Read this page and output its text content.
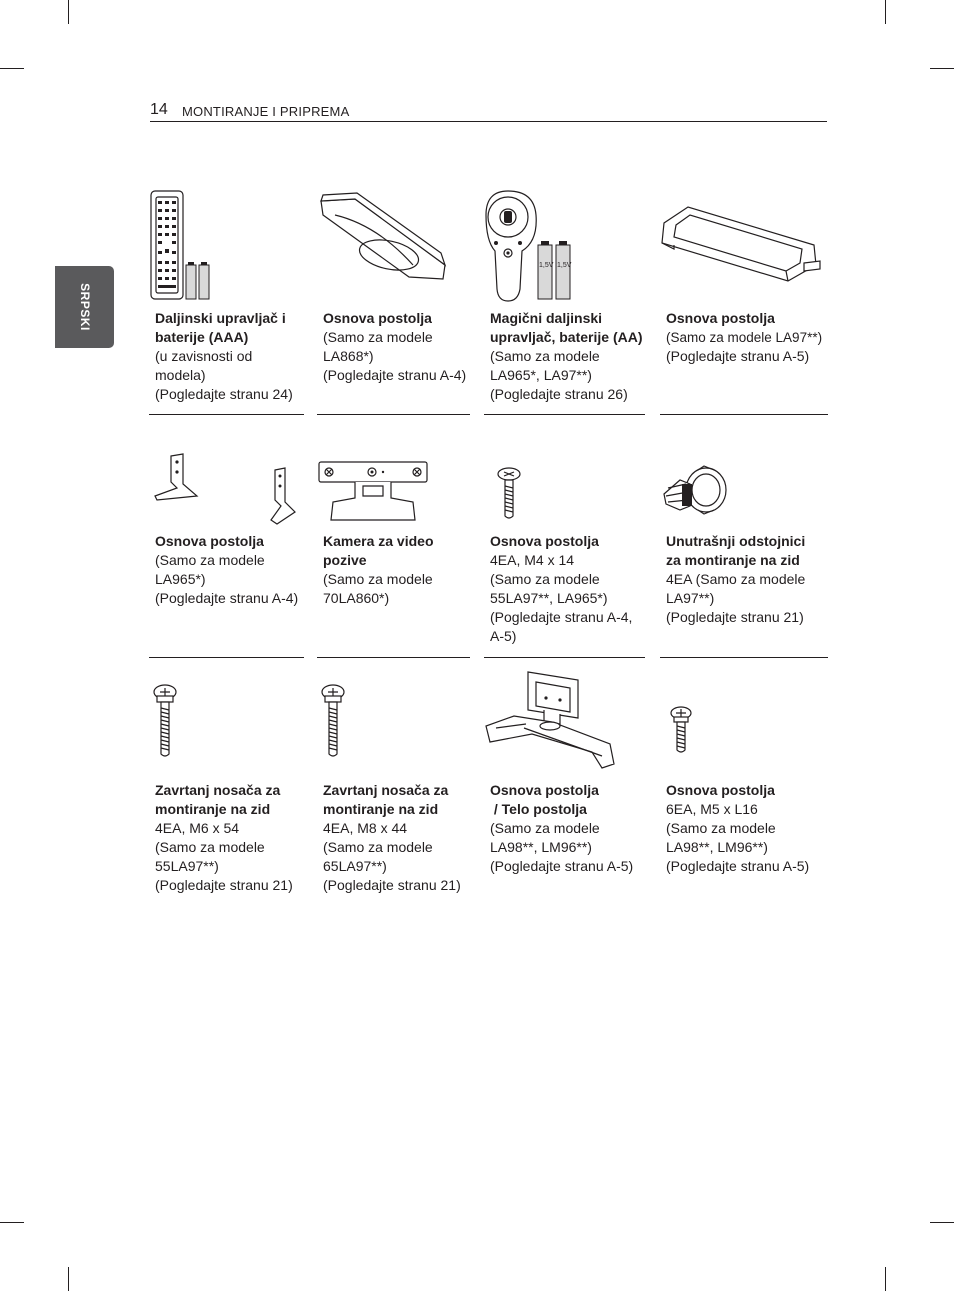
14 MONTIRANJE I PRIPREMA
SRPSKI	Daljinski upravljač i
baterije (AAA)
(u zavisnosti od
modela)
(Pogledajte stranu 24)
Osnova postolja
(Samo za modele
LA868*)
(Pogledajte stranu A-4)
1,5V 1,5V
Magični daljinski
upravljač, baterije (AA)
(Samo za modele
LA965*, LA97**)
(Pogledajte stranu 26)
Osnova postolja
(Samo za modele LA97**)
(Pogledajte stranu A-5)
Osnova postolja
(Samo za modele
LA965*)
(Pogledajte stranu A-4)
Kamera za video
pozive
(Samo za modele
70LA860*)
Osnova postolja
4EA, M4 x 14
(Samo za modele
55LA97**, LA965*)
(Pogledajte stranu A-4,
A-5)
Unutrašnji odstojnici
za montiranje na zid
4EA (Samo za modele
LA97**)
(Pogledajte stranu 21)
Zavrtanj nosača za
montiranje na zid
4EA, M6 x 54
(Samo za modele
55LA97**)
(Pogledajte stranu 21)
Zavrtanj nosača za
montiranje na zid
4EA, M8 x 44
(Samo za modele
65LA97**)
(Pogledajte stranu 21)
Osnova postolja
/ Telo postolja
(Samo za modele
LA98**, LM96**)
(Pogledajte stranu A-5)
Osnova postolja
6EA, M5 x L16
(Samo za modele
LA98**, LM96**)
(Pogledajte stranu A-5)
